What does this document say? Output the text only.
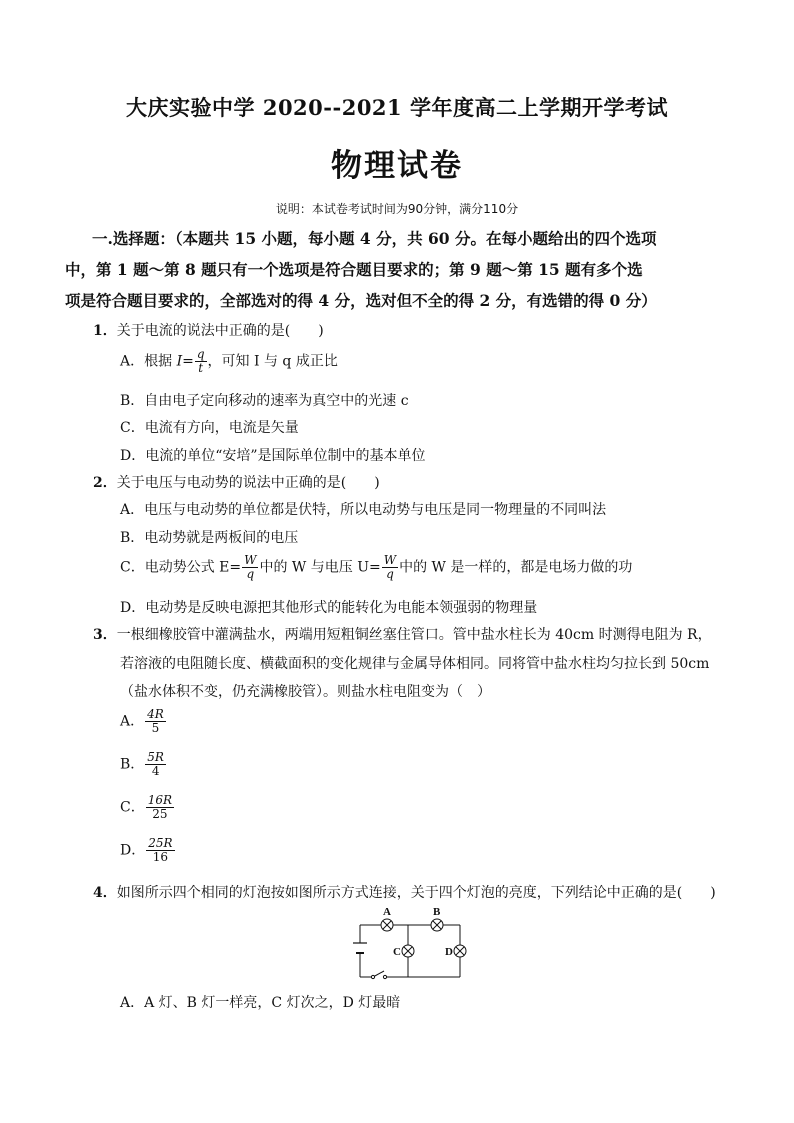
大庆实验中学 2020--2021 学年度高二上学期开学考试
物理试卷
说明：本试卷考试时间为90分钟，满分110分
一.选择题：（本题共 15 小题，每小题 4 分，共 60 分。在每小题给出的四个选项
中，第 1 题～第 8 题只有一个选项是符合题目要求的；第 9 题～第 15 题有多个选
项是符合题目要求的，全部选对的得 4 分，选对但不全的得 2 分，有选错的得 0 分）
1．关于电流的说法中正确的是(　　)
A．根据 $I= \frac{q}{t}$ ，可知 I 与 q 成正比
B．自由电子定向移动的速率为真空中的光速 c
C．电流有方向，电流是矢量
D．电流的单位“安培”是国际单位制中的基本单位
2．关于电压与电动势的说法中正确的是(　　)
A．电压与电动势的单位都是伏特，所以电动势与电压是同一物理量的不同叫法
B．电动势就是两板间的电压
C．电动势公式 $E= \frac{W}{q}$ 中的 W 与电压 $U= \frac{W}{q}$ 中的 W 是一样的，都是电场力做的功
D．电动势是反映电源把其他形式的能转化为电能本领强弱的物理量
3．一根细橡胶管中灌满盐水，两端用短粗铜丝塞住管口。管中盐水柱长为 40cm 时测得电阻为 R，
若溶液的电阻随长度、横截面积的变化规律与金属导体相同。同将管中盐水柱均匀拉长到 50cm
（盐水体积不变，仍充满橡胶管）。则盐水柱电阻变为（　）
A． $\frac{4R}{5}$
B． $\frac{5R}{4}$
C． $\frac{16R}{25}$
D． $\frac{25R}{16}$
4．如图所示四个相同的灯泡按如图所示方式连接，关于四个灯泡的亮度，下列结论中正确的是(　　)
A	B
C	D
A．A 灯、B 灯一样亮，C 灯次之，D 灯最暗
